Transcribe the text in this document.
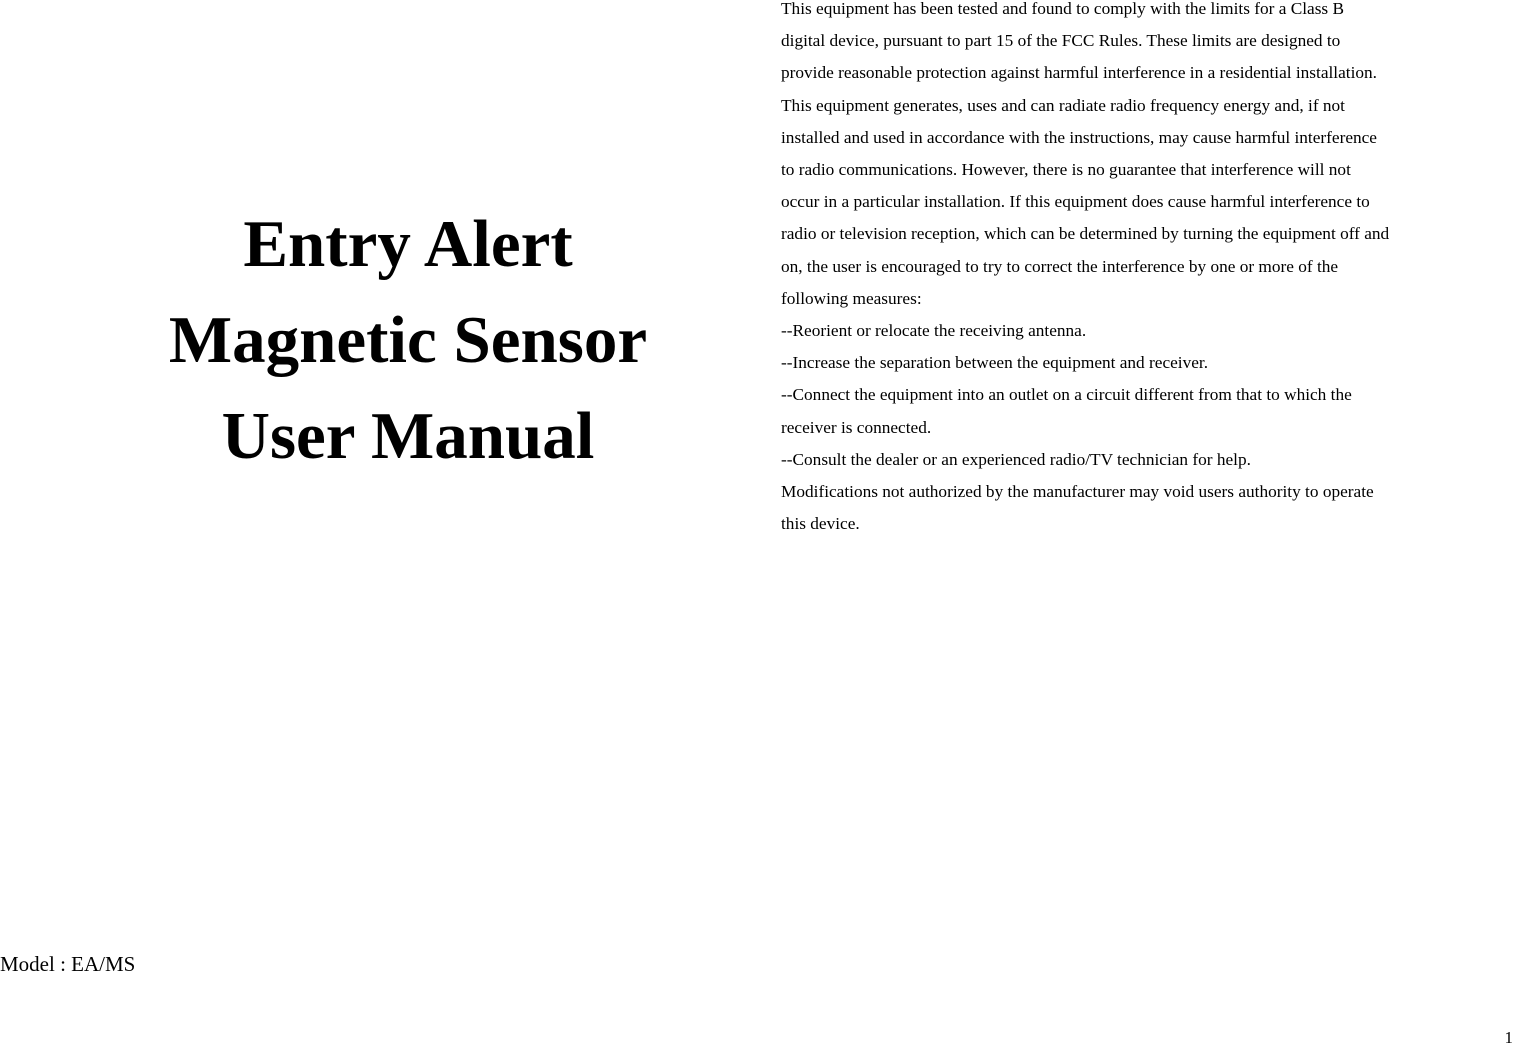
Entry Alert
Magnetic Sensor
User Manual
Model : EA/MS
This equipment has been tested and found to comply with the limits for a Class B
digital device, pursuant to part 15 of the FCC Rules. These limits are designed to
provide reasonable protection against harmful interference in a residential installation.
This equipment generates, uses and can radiate radio frequency energy and, if not
installed and used in accordance with the instructions, may cause harmful interference
to radio communications. However, there is no guarantee that interference will not
occur in a particular installation. If this equipment does cause harmful interference to
radio or television reception, which can be determined by turning the equipment off and
on, the user is encouraged to try to correct the interference by one or more of the
following measures:
--Reorient or relocate the receiving antenna.
--Increase the separation between the equipment and receiver.
--Connect the equipment into an outlet on a circuit different from that to which the
receiver is connected.
--Consult the dealer or an experienced radio/TV technician for help.
Modifications not authorized by the manufacturer may void users authority to operate
this device.
1
